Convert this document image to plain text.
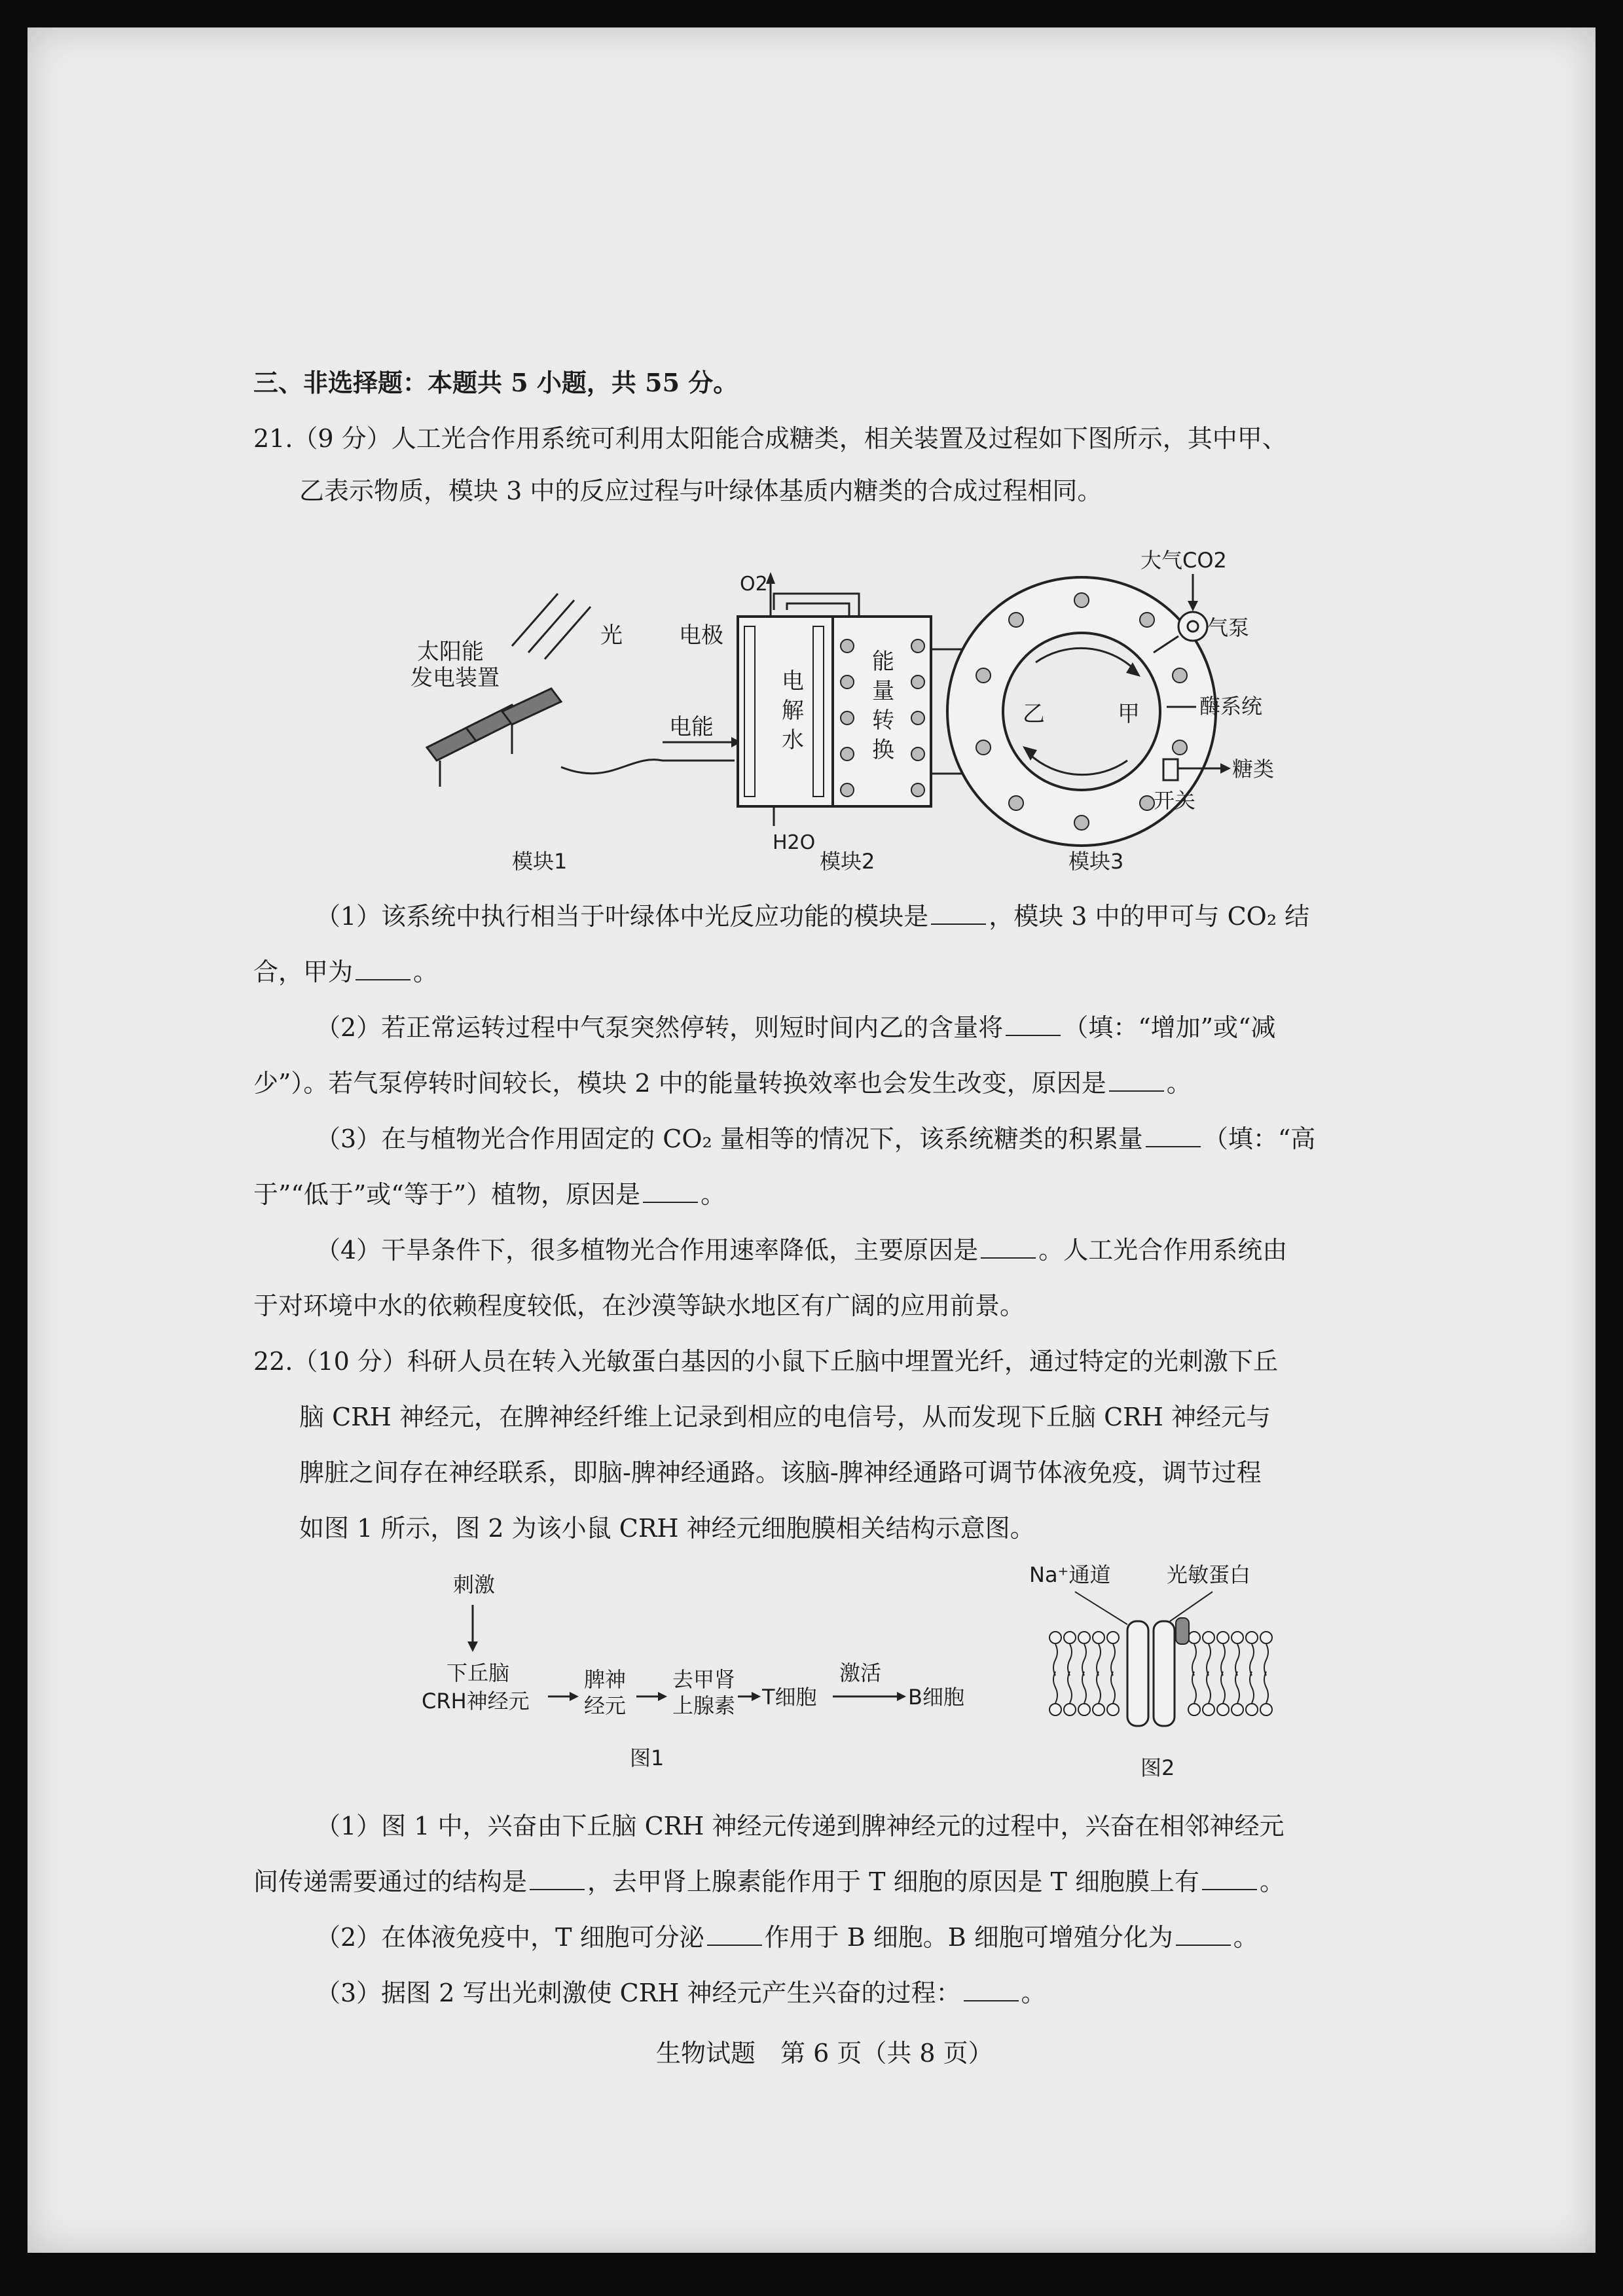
三、非选择题：本题共 5 小题，共 55 分。
21.（9 分）人工光合作用系统可利用太阳能合成糖类，相关装置及过程如下图所示，其中甲、
乙表示物质，模块 3 中的反应过程与叶绿体基质内糖类的合成过程相同。
太阳能
发电装置
光	电极
电能
O2
H2O
电
解
水
能
量
转
换
乙	甲
大气CO2
气泵
酶系统
糖类
开关
模块1	模块2	模块3
（1）该系统中执行相当于叶绿体中光反应功能的模块是 ，模块 3 中的甲可与 CO₂ 结
合，甲为 。
（2）若正常运转过程中气泵突然停转，则短时间内乙的含量将 （填：“增加”或“减
少”）。若气泵停转时间较长，模块 2 中的能量转换效率也会发生改变，原因是 。
（3）在与植物光合作用固定的 CO₂ 量相等的情况下，该系统糖类的积累量 （填：“高
于”“低于”或“等于”）植物，原因是 。
（4）干旱条件下，很多植物光合作用速率降低，主要原因是 。人工光合作用系统由
于对环境中水的依赖程度较低，在沙漠等缺水地区有广阔的应用前景。
22.（10 分）科研人员在转入光敏蛋白基因的小鼠下丘脑中埋置光纤，通过特定的光刺激下丘
脑 CRH 神经元，在脾神经纤维上记录到相应的电信号，从而发现下丘脑 CRH 神经元与
脾脏之间存在神经联系，即脑-脾神经通路。该脑-脾神经通路可调节体液免疫，调节过程
如图 1 所示，图 2 为该小鼠 CRH 神经元细胞膜相关结构示意图。
刺激
下丘脑
CRH神经元
脾神
经元
去甲肾
上腺素 T细胞
激活
B细胞
图1
Na⁺通道	光敏蛋白
图2
（1）图 1 中，兴奋由下丘脑 CRH 神经元传递到脾神经元的过程中，兴奋在相邻神经元
间传递需要通过的结构是 ，去甲肾上腺素能作用于 T 细胞的原因是 T 细胞膜上有 。
（2）在体液免疫中，T 细胞可分泌 作用于 B 细胞。B 细胞可增殖分化为 。
（3）据图 2 写出光刺激使 CRH 神经元产生兴奋的过程： 。
生物试题　第 6 页（共 8 页）
